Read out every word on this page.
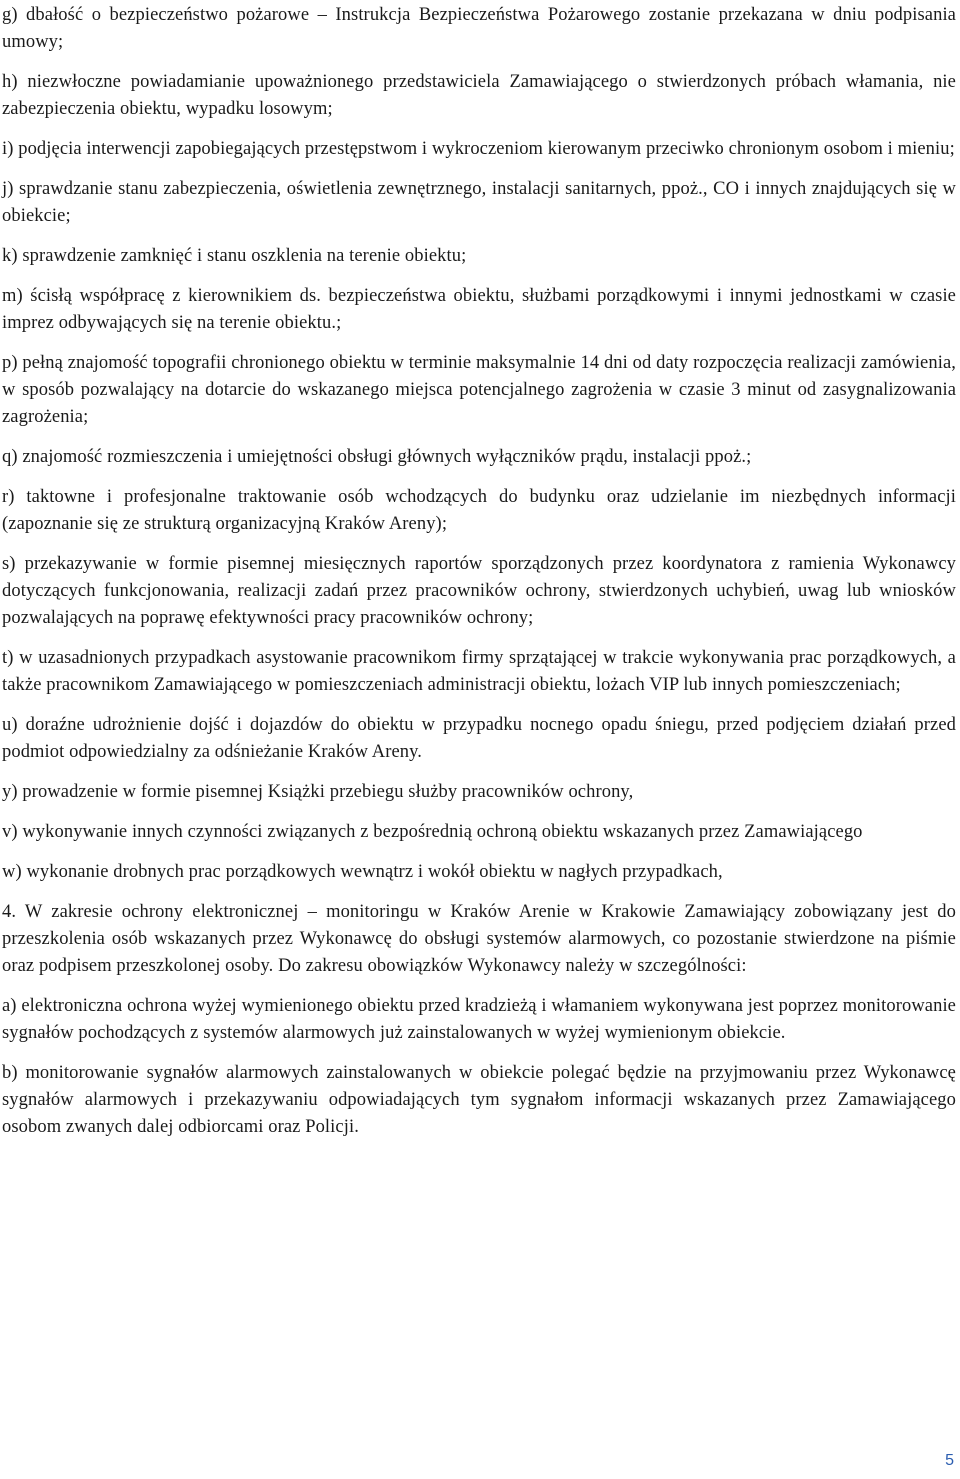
g) dbałość o bezpieczeństwo pożarowe – Instrukcja Bezpieczeństwa Pożarowego zostanie przekazana w dniu podpisania umowy;

h) niezwłoczne powiadamianie upoważnionego przedstawiciela Zamawiającego o stwierdzonych próbach włamania, nie zabezpieczenia obiektu, wypadku losowym;

i) podjęcia interwencji zapobiegających przestępstwom i wykroczeniom kierowanym przeciwko chronionym osobom i mieniu;

j) sprawdzanie stanu zabezpieczenia, oświetlenia zewnętrznego, instalacji sanitarnych, ppoż., CO i innych znajdujących się w obiekcie;

k) sprawdzenie zamknięć i stanu oszklenia na terenie obiektu;

m) ścisłą współpracę z kierownikiem ds. bezpieczeństwa obiektu, służbami porządkowymi i innymi jednostkami w czasie imprez odbywających się na terenie obiektu.;

p) pełną znajomość topografii chronionego obiektu w terminie maksymalnie 14 dni od daty rozpoczęcia realizacji zamówienia, w sposób pozwalający na dotarcie do wskazanego miejsca potencjalnego zagrożenia w czasie 3 minut od zasygnalizowania zagrożenia;

q) znajomość rozmieszczenia i umiejętności obsługi głównych wyłączników prądu, instalacji ppoż.;

r) taktowne i profesjonalne traktowanie osób wchodzących do budynku oraz udzielanie im niezbędnych informacji (zapoznanie się ze strukturą organizacyjną Kraków Areny);

s) przekazywanie w formie pisemnej miesięcznych raportów sporządzonych przez koordynatora z ramienia Wykonawcy dotyczących funkcjonowania, realizacji zadań przez pracowników ochrony, stwierdzonych uchybień, uwag lub wniosków pozwalających na poprawę efektywności pracy pracowników ochrony;

t) w uzasadnionych przypadkach asystowanie pracownikom firmy sprzątającej w trakcie wykonywania prac porządkowych, a także pracownikom Zamawiającego w pomieszczeniach administracji obiektu, lożach VIP lub innych pomieszczeniach;

u) doraźne udrożnienie dojść i dojazdów do obiektu w przypadku nocnego opadu śniegu, przed podjęciem działań przed podmiot odpowiedzialny za odśnieżanie Kraków Areny.

y) prowadzenie w formie pisemnej Książki przebiegu służby pracowników ochrony,

v) wykonywanie innych czynności związanych z bezpośrednią ochroną obiektu wskazanych przez Zamawiającego

w) wykonanie drobnych prac porządkowych wewnątrz i wokół obiektu w nagłych przypadkach,

4. W zakresie ochrony elektronicznej – monitoringu w Kraków Arenie w Krakowie Zamawiający zobowiązany jest do przeszkolenia osób wskazanych przez Wykonawcę do obsługi systemów alarmowych, co pozostanie stwierdzone na piśmie oraz podpisem przeszkolonej osoby. Do zakresu obowiązków Wykonawcy należy w szczególności:

a) elektroniczna ochrona wyżej wymienionego obiektu przed kradzieżą i włamaniem wykonywana jest poprzez monitorowanie sygnałów pochodzących z systemów alarmowych już zainstalowanych w wyżej wymienionym obiekcie.

b) monitorowanie sygnałów alarmowych zainstalowanych w obiekcie polegać będzie na przyjmowaniu przez Wykonawcę sygnałów alarmowych i przekazywaniu odpowiadających tym sygnałom informacji wskazanych przez Zamawiającego osobom zwanych dalej odbiorcami oraz Policji.

5
